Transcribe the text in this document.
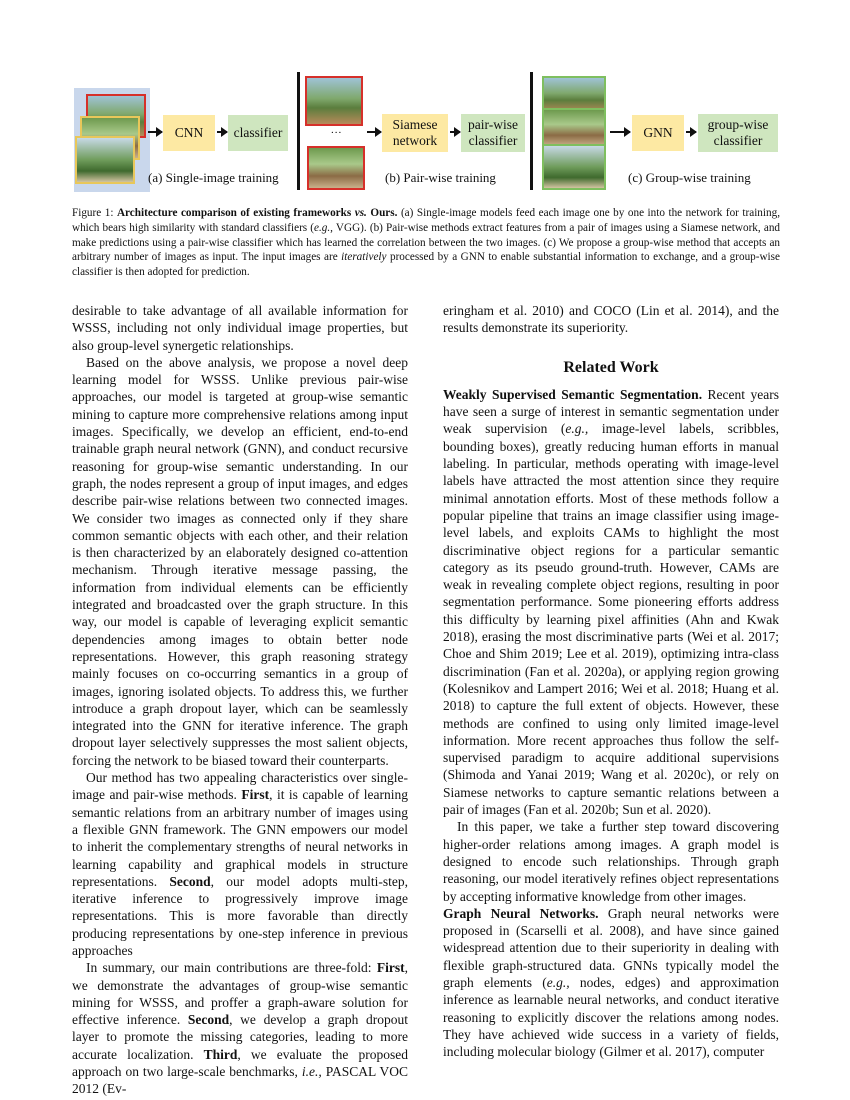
CNN classifier
(a) Single-image training
...	Siamese
network
pair-wise
classifier
(b) Pair-wise training
GNN
group-wise
classifier
(c) Group-wise training
Figure 1: Architecture comparison of existing frameworks vs. Ours. (a) Single-image models feed each image one by one into the network for training, which bears high similarity with standard classifiers (e.g., VGG). (b) Pair-wise methods extract features from a pair of images using a Siamese network, and make predictions using a pair-wise classifier which has learned the correlation between the two images. (c) We propose a group-wise method that accepts an arbitrary number of images as input. The input images are iteratively processed by a GNN to enable substantial information to exchange, and a group-wise classifier is then adopted for prediction.

desirable to take advantage of all available information for WSSS, including not only individual image properties, but also group-level synergetic relationships.

Based on the above analysis, we propose a novel deep learning model for WSSS. Unlike previous pair-wise approaches, our model is targeted at group-wise semantic mining to capture more comprehensive relations among input images. Specifically, we develop an efficient, end-to-end trainable graph neural network (GNN), and conduct recursive reasoning for group-wise semantic understanding. In our graph, the nodes represent a group of input images, and edges describe pair-wise relations between two connected images. We consider two images as connected only if they share common semantic objects with each other, and their relation is then characterized by an elaborately designed co-attention mechanism. Through iterative message passing, the information from individual elements can be efficiently integrated and broadcasted over the graph structure. In this way, our model is capable of leveraging explicit semantic dependencies among images to obtain better node representations. However, this graph reasoning strategy mainly focuses on co-occurring semantics in a group of images, ignoring isolated objects. To address this, we further introduce a graph dropout layer, which can be seamlessly integrated into the GNN for iterative inference. The graph dropout layer selectively suppresses the most salient objects, forcing the network to be biased toward their counterparts.

Our method has two appealing characteristics over single-image and pair-wise methods. First, it is capable of learning semantic relations from an arbitrary number of images using a flexible GNN framework. The GNN empowers our model to inherit the complementary strengths of neural networks in learning capability and graphical models in structure representations. Second, our model adopts multi-step, iterative inference to progressively improve image representations. This is more favorable than directly producing representations by one-step inference in previous approaches

In summary, our main contributions are three-fold: First, we demonstrate the advantages of group-wise semantic mining for WSSS, and proffer a graph-aware solution for effective inference. Second, we develop a graph dropout layer to promote the missing categories, leading to more accurate localization. Third, we evaluate the proposed approach on two large-scale benchmarks, i.e., PASCAL VOC 2012 (Ev-

eringham et al. 2010) and COCO (Lin et al. 2014), and the results demonstrate its superiority.

Related Work

Weakly Supervised Semantic Segmentation. Recent years have seen a surge of interest in semantic segmentation under weak supervision (e.g., image-level labels, scribbles, bounding boxes), greatly reducing human efforts in manual labeling. In particular, methods operating with image-level labels have attracted the most attention since they require minimal annotation efforts. Most of these methods follow a popular pipeline that trains an image classifier using image-level labels, and exploits CAMs to highlight the most discriminative object regions for a particular semantic category as its pseudo ground-truth. However, CAMs are weak in revealing complete object regions, resulting in poor segmentation performance. Some pioneering efforts address this difficulty by learning pixel affinities (Ahn and Kwak 2018), erasing the most discriminative parts (Wei et al. 2017; Choe and Shim 2019; Lee et al. 2019), optimizing intra-class discrimination (Fan et al. 2020a), or applying region growing (Kolesnikov and Lampert 2016; Wei et al. 2018; Huang et al. 2018) to capture the full extent of objects. However, these methods are confined to using only limited image-level information. More recent approaches thus follow the self-supervised paradigm to acquire additional supervisions (Shimoda and Yanai 2019; Wang et al. 2020c), or rely on Siamese networks to capture semantic relations between a pair of images (Fan et al. 2020b; Sun et al. 2020).

In this paper, we take a further step toward discovering higher-order relations among images. A graph model is designed to encode such relationships. Through graph reasoning, our model iteratively refines object representations by accepting informative knowledge from other images.

Graph Neural Networks. Graph neural networks were proposed in (Scarselli et al. 2008), and have since gained widespread attention due to their superiority in dealing with flexible graph-structured data. GNNs typically model the graph elements (e.g., nodes, edges) and approximation inference as learnable neural networks, and conduct iterative reasoning to explicitly discover the relations among nodes. They have achieved wide success in a variety of fields, including molecular biology (Gilmer et al. 2017), computer
